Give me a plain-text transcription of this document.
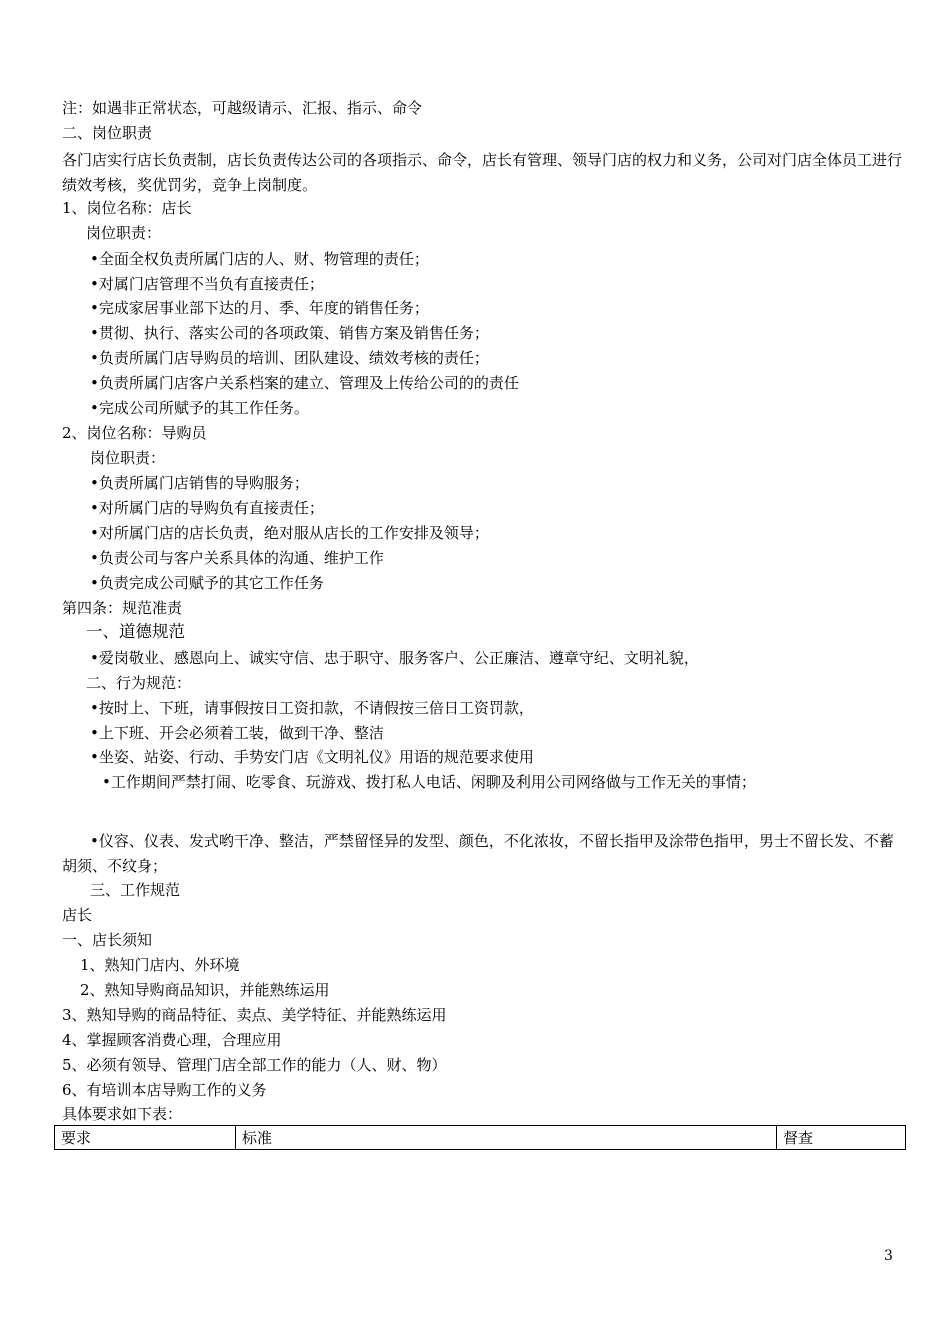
注：如遇非正常状态，可越级请示、汇报、指示、命令
二、岗位职责
各门店实行店长负责制，店长负责传达公司的各项指示、命令，店长有管理、领导门店的权力和义务，公司对门店全体员工进行绩效考核，奖优罚劣，竞争上岗制度。
1、岗位名称：店长
岗位职责：
•全面全权负责所属门店的人、财、物管理的责任；
•对属门店管理不当负有直接责任；
•完成家居事业部下达的月、季、年度的销售任务；
•贯彻、执行、落实公司的各项政策、销售方案及销售任务；
•负责所属门店导购员的培训、团队建设、绩效考核的责任；
•负责所属门店客户关系档案的建立、管理及上传给公司的的责任
•完成公司所赋予的其工作任务。
2、岗位名称：导购员
岗位职责：
•负责所属门店销售的导购服务；
•对所属门店的导购负有直接责任；
•对所属门店的店长负责，绝对服从店长的工作安排及领导；
•负责公司与客户关系具体的沟通、维护工作
•负责完成公司赋予的其它工作任务
第四条：规范准责
一、道德规范
•爱岗敬业、感恩向上、诚实守信、忠于职守、服务客户、公正廉洁、遵章守纪、文明礼貌，
二、行为规范：
•按时上、下班，请事假按日工资扣款，不请假按三倍日工资罚款，
•上下班、开会必须着工装，做到干净、整洁
•坐姿、站姿、行动、手势安门店《文明礼仪》用语的规范要求使用
•工作期间严禁打闹、吃零食、玩游戏、拨打私人电话、闲聊及利用公司网络做与工作无关的事情；
•仪容、仪表、发式哟干净、整洁，严禁留怪异的发型、颜色，不化浓妆，不留长指甲及涂带色指甲，男士不留长发、不蓄胡须、不纹身；
三、工作规范
店长
一、店长须知
1、熟知门店内、外环境
2、熟知导购商品知识，并能熟练运用
3、熟知导购的商品特征、卖点、美学特征、并能熟练运用
4、掌握顾客消费心理，合理应用
5、必须有领导、管理门店全部工作的能力（人、财、物）
6、有培训本店导购工作的义务
具体要求如下表：
要求	标准	督查
3
